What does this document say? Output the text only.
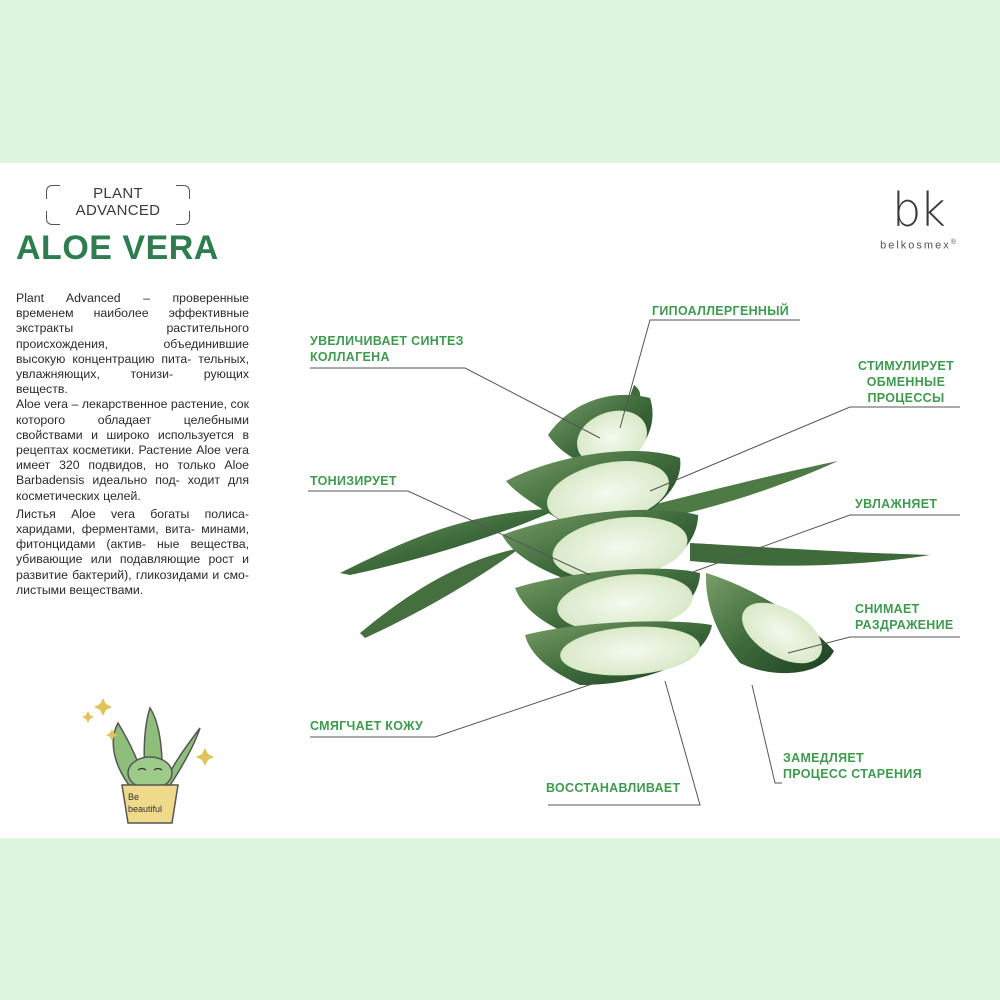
PLANT
ADVANCED
ALOE VERA

Plant Advanced – проверенные временем наиболее эффективные экстракты растительного происхождения, объединившие высокую концентрацию пита- тельных, увлажняющих, тонизи- рующих веществ.

Aloe vera – лекарственное растение, сок которого обладает целебными свойствами и широко используется в рецептах косметики. Растение Aloe vera имеет 320 подвидов, но только Aloe Barbadensis идеально под- ходит для косметических целей.

Листья Aloe vera богаты полиса- харидами, ферментами, вита- минами, фитонцидами (актив- ные вещества, убивающие или подавляющие рост и развитие бактерий), гликозидами и смо- листыми веществами.

bk
belkosmex®
Be
beautiful
УВЕЛИЧИВАЕТ СИНТЕЗ
КОЛЛАГЕНА
ГИПОАЛЛЕРГЕННЫЙ
СТИМУЛИРУЕТ
ОБМЕННЫЕ
ПРОЦЕССЫ
ТОНИЗИРУЕТ
УВЛАЖНЯЕТ
СНИМАЕТ
РАЗДРАЖЕНИЕ
СМЯГЧАЕТ КОЖУ
ЗАМЕДЛЯЕТ
ПРОЦЕСС СТАРЕНИЯ
ВОССТАНАВЛИВАЕТ
